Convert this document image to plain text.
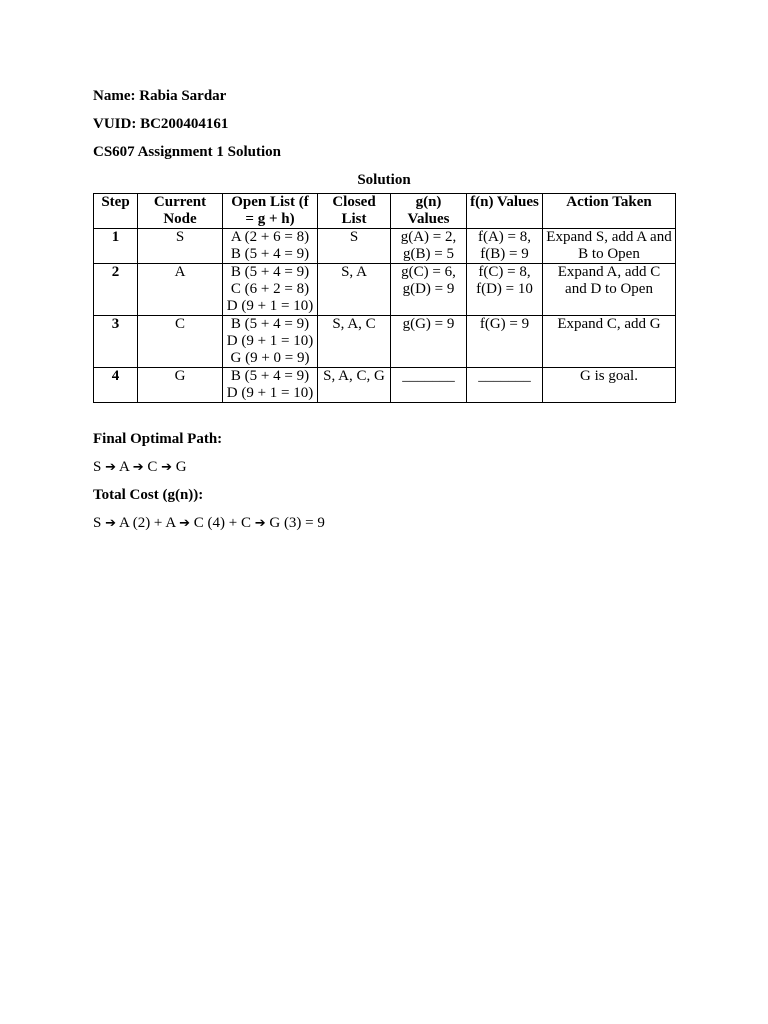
Name: Rabia Sardar
VUID: BC200404161
CS607 Assignment 1 Solution
Solution
Step	Current Node	Open List (f = g + h)	Closed List	g(n) Values	f(n) Values	Action Taken
1	S	A (2 + 6 = 8)
B (5 + 4 = 9)	S	g(A) = 2, g(B) = 5	f(A) = 8, f(B) = 9	Expand S, add A and B to Open
2	A	B (5 + 4 = 9)
C (6 + 2 = 8)
D (9 + 1 = 10)	S, A	g(C) = 6, g(D) = 9	f(C) = 8, f(D) = 10	Expand A, add C and D to Open
3	C	B (5 + 4 = 9)
D (9 + 1 = 10)
G (9 + 0 = 9)	S, A, C	g(G) = 9	f(G) = 9	Expand C, add G
4	G	B (5 + 4 = 9)
D (9 + 1 = 10)	S, A, C, G	_______	_______	G is goal.
Final Optimal Path:
S ➔ A ➔ C ➔ G
Total Cost (g(n)):
S ➔ A (2) + A ➔ C (4) + C ➔ G (3) = 9
